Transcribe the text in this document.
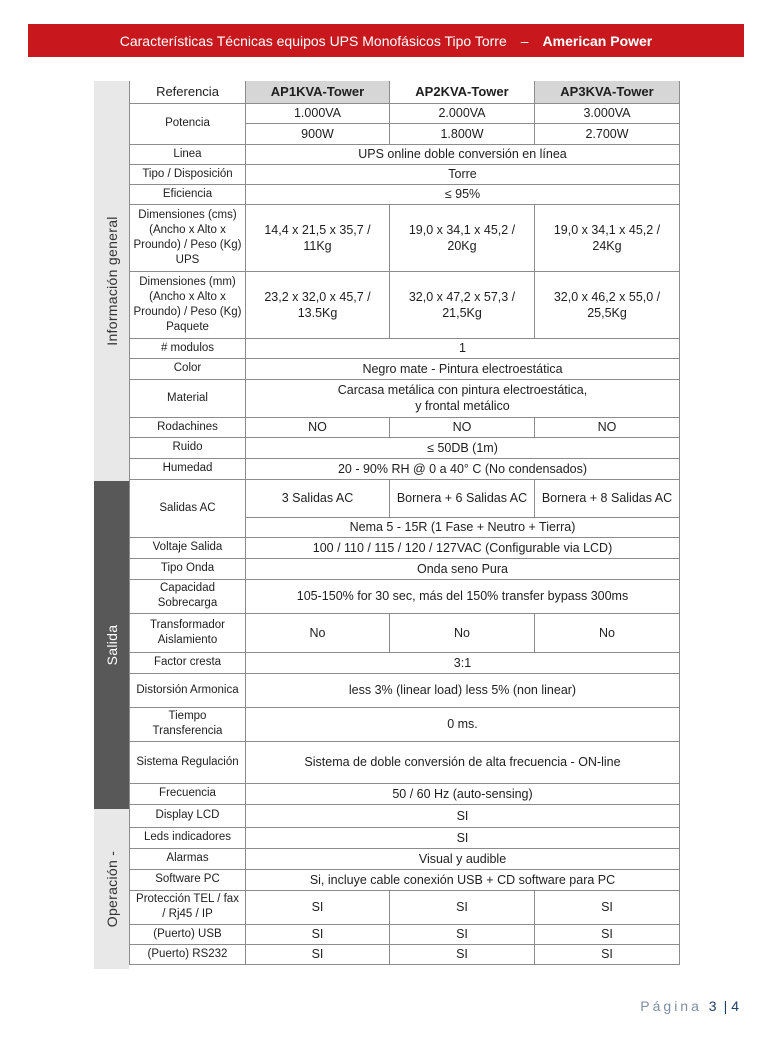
Características Técnicas equipos UPS Monofásicos Tipo Torre – American Power
Información general
Salida
Operación -
Referencia	AP1KVA-Tower	AP2KVA-Tower	AP3KVA-Tower
Potencia	1.000VA	2.000VA	3.000VA
	900W	1.800W	2.700W
Linea	UPS online doble conversión en línea		
Tipo / Disposición	Torre		
Eficiencia	≤ 95%		
Dimensiones (cms) (Ancho x Alto x Proundo) / Peso (Kg) UPS	14,4 x 21,5 x 35,7 / 11Kg	19,0 x 34,1 x 45,2 / 20Kg	19,0 x 34,1 x 45,2 / 24Kg
Dimensiones (mm) (Ancho x Alto x Proundo) / Peso (Kg) Paquete	23,2 x 32,0 x 45,7 / 13.5Kg	32,0 x 47,2 x 57,3 / 21,5Kg	32,0 x 46,2 x 55,0 / 25,5Kg
# modulos	1		
Color	Negro mate - Pintura electroestática		
Material	Carcasa metálica con pintura electroestática,
y frontal metálico		

Rodachines	NO	NO	NO
Ruido	≤ 50DB (1m)		
Humedad	20 - 90% RH @ 0 a 40° C (No condensados)		
Salidas AC	3 Salidas AC	Bornera + 6 Salidas AC	Bornera + 8 Salidas AC
	Nema 5 - 15R (1 Fase + Neutro + Tierra)		
Voltaje Salida	100 / 110 / 115 / 120 / 127VAC (Configurable via LCD)		
Tipo Onda	Onda seno Pura		
Capacidad Sobrecarga	105-150% for 30 sec, más del 150% transfer bypass 300ms		
Transformador Aislamiento	No	No	No
Factor cresta	3:1		
Distorsión Armonica	less 3% (linear load) less 5% (non linear)		
Tiempo Transferencia	0 ms.		
Sistema Regulación	Sistema de doble conversión de alta frecuencia - ON-line		
Frecuencia	50 / 60 Hz (auto-sensing)		
Display LCD	SI		
Leds indicadores	SI		
Alarmas	Visual y audible		
Software PC	Si, incluye cable conexión USB + CD software para PC		
Protección TEL / fax / Rj45 / IP	SI	SI	SI
(Puerto) USB	SI	SI	SI
(Puerto) RS232	SI	SI	SI
Página 3 | 4
